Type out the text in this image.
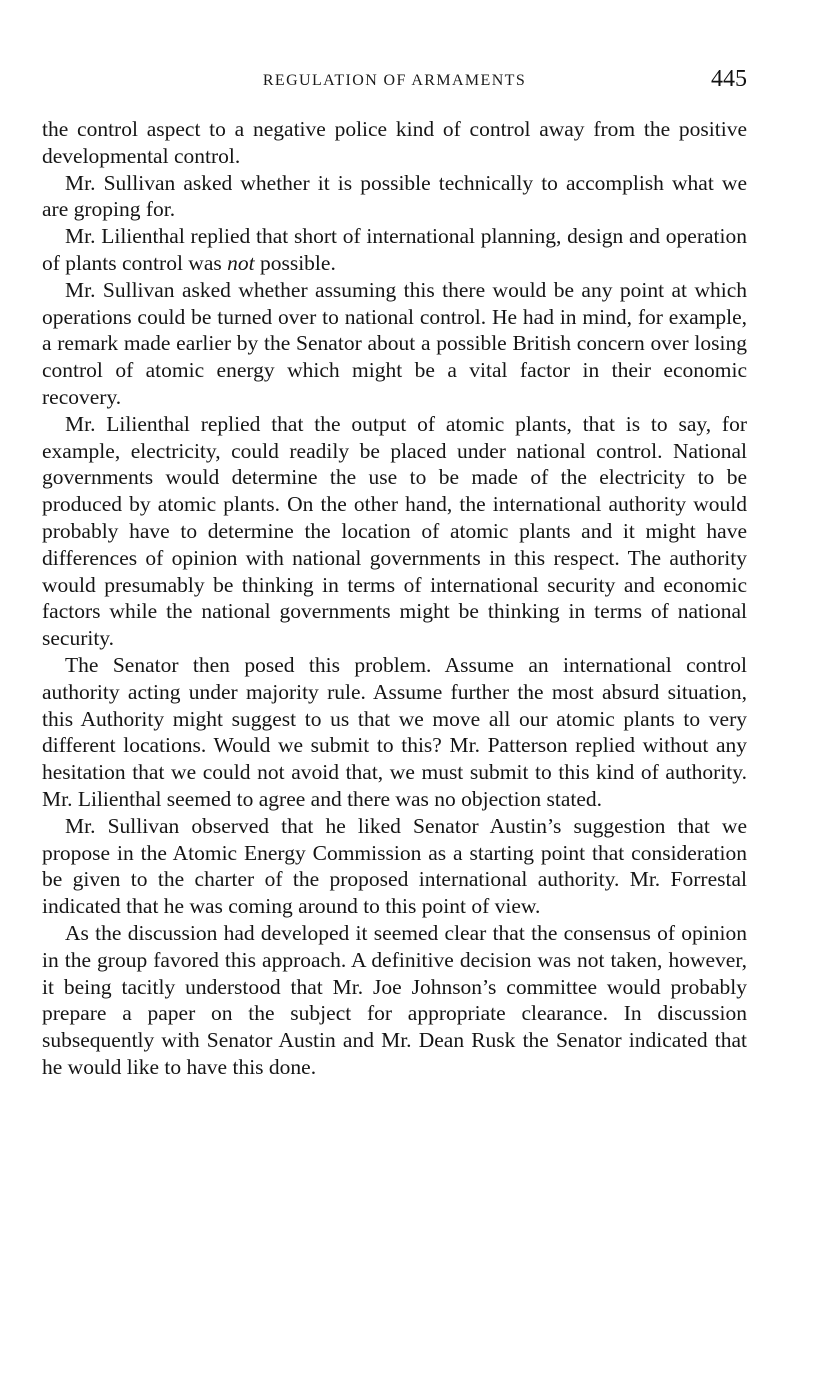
REGULATION OF ARMAMENTS	445

the control aspect to a negative police kind of control away from the positive developmental control.

Mr. Sullivan asked whether it is possible technically to accomplish what we are groping for.

Mr. Lilienthal replied that short of international planning, design and operation of plants control was not possible.

Mr. Sullivan asked whether assuming this there would be any point at which operations could be turned over to national control. He had in mind, for example, a remark made earlier by the Senator about a possible British concern over losing control of atomic energy which might be a vital factor in their economic recovery.

Mr. Lilienthal replied that the output of atomic plants, that is to say, for example, electricity, could readily be placed under national control. National governments would determine the use to be made of the electricity to be produced by atomic plants. On the other hand, the international authority would probably have to determine the location of atomic plants and it might have differences of opinion with national governments in this respect. The authority would presumably be thinking in terms of international security and economic factors while the national governments might be thinking in terms of national security.

The Senator then posed this problem. Assume an international control authority acting under majority rule. Assume further the most absurd situation, this Authority might suggest to us that we move all our atomic plants to very different locations. Would we submit to this? Mr. Patterson replied without any hesitation that we could not avoid that, we must submit to this kind of authority. Mr. Lilienthal seemed to agree and there was no objection stated.

Mr. Sullivan observed that he liked Senator Austin’s suggestion that we propose in the Atomic Energy Commission as a starting point that consideration be given to the charter of the proposed international authority. Mr. Forrestal indicated that he was coming around to this point of view.

As the discussion had developed it seemed clear that the consensus of opinion in the group favored this approach. A definitive decision was not taken, however, it being tacitly understood that Mr. Joe Johnson’s committee would probably prepare a paper on the subject for appropriate clearance. In discussion subsequently with Senator Austin and Mr. Dean Rusk the Senator indicated that he would like to have this done.
